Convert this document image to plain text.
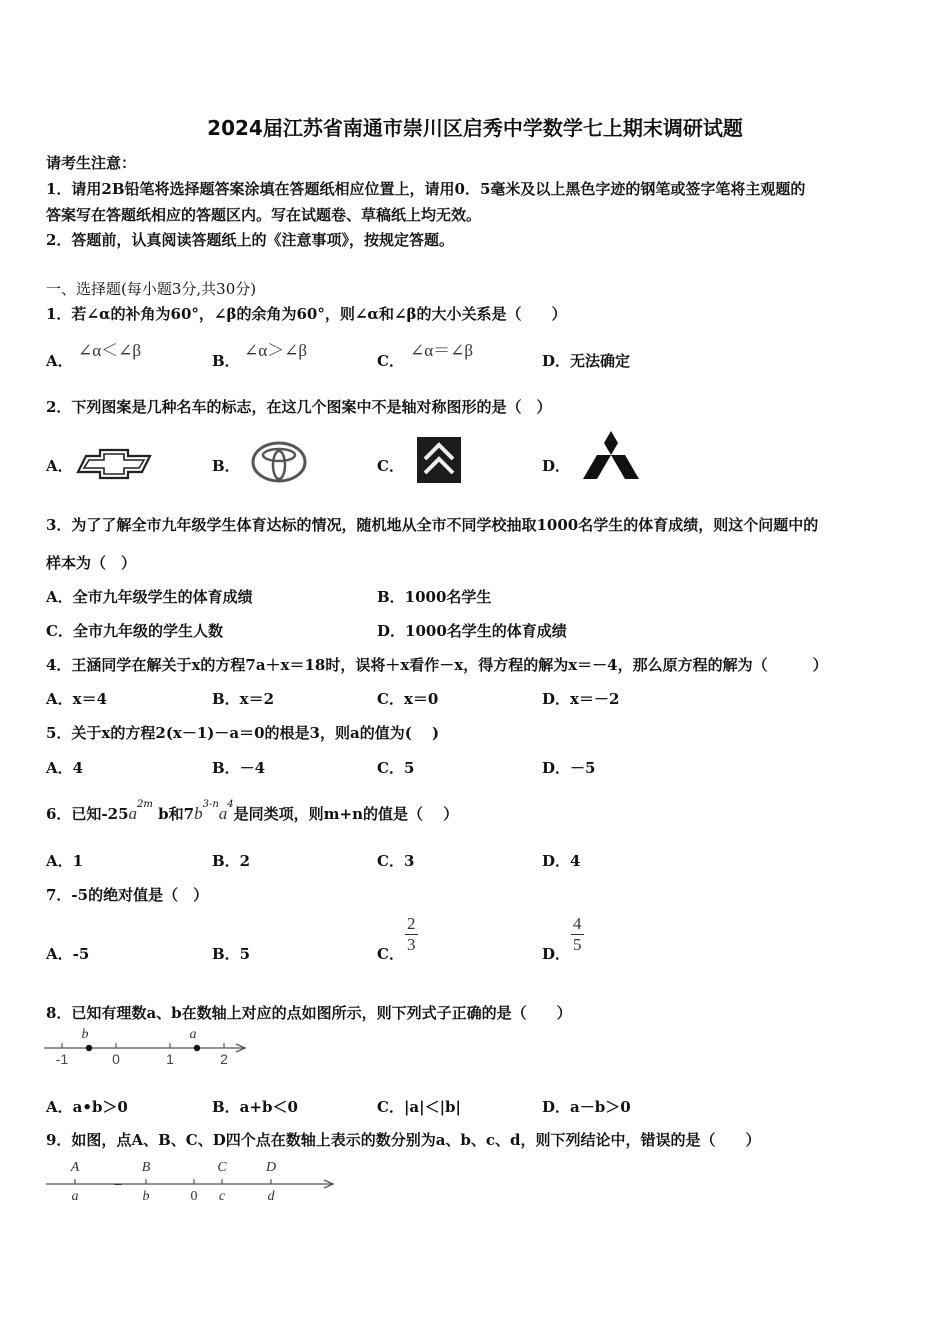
2024届江苏省南通市崇川区启秀中学数学七上期末调研试题
请考生注意：
1．请用2B铅笔将选择题答案涂填在答题纸相应位置上，请用0．5毫米及以上黑色字迹的钢笔或签字笔将主观题的
答案写在答题纸相应的答题区内。写在试题卷、草稿纸上均无效。
2．答题前，认真阅读答题纸上的《注意事项》，按规定答题。
一、选择题(每小题3分,共30分)
1．若∠α的补角为60°，∠β的余角为60°，则∠α和∠β的大小关系是（　　）
A．
∠α＜∠β
B．
∠α＞∠β
C．
∠α＝∠β
D． 无法确定
2．下列图案是几种名车的标志，在这几个图案中不是轴对称图形的是（　）
A．	B．	C．	D．
3．为了了解全市九年级学生体育达标的情况，随机地从全市不同学校抽取1000名学生的体育成绩，则这个问题中的
样本为（　）
A．全市九年级学生的体育成绩	B．1000名学生
C．全市九年级的学生人数	D．1000名学生的体育成绩
4．王涵同学在解关于x的方程7a＋x＝18时，误将＋x看作－x，得方程的解为x＝－4，那么原方程的解为（　　　）
A．x＝4	B．x＝2	C．x＝0	D．x＝－2
5．关于x的方程2(x－1)－a＝0的根是3，则a的值为(　 )
A．4	B．－4	C．5	D．－5
6．已知$-25a^{2m}$ b和$7b^{3-n}a^4$是同类项，则m+n的值是（　 ）
A．1	B．2	C．3	D．4
7．-5的绝对值是（　）
A．-5	B．5	C． $\frac{2}{3}$	D． $\frac{4}{5}$
8．已知有理数a、b在数轴上对应的点如图所示，则下列式子正确的是（　　）
-1	0	1	2
b	a
A．a•b＞0	B．a+b＜0	C．|a|＜|b|	D．a－b＞0
9．如图，点A、B、C、D四个点在数轴上表示的数分别为a、b、c、d，则下列结论中，错误的是（　　）
A
a
B
b	0
C
c
D
d
–
